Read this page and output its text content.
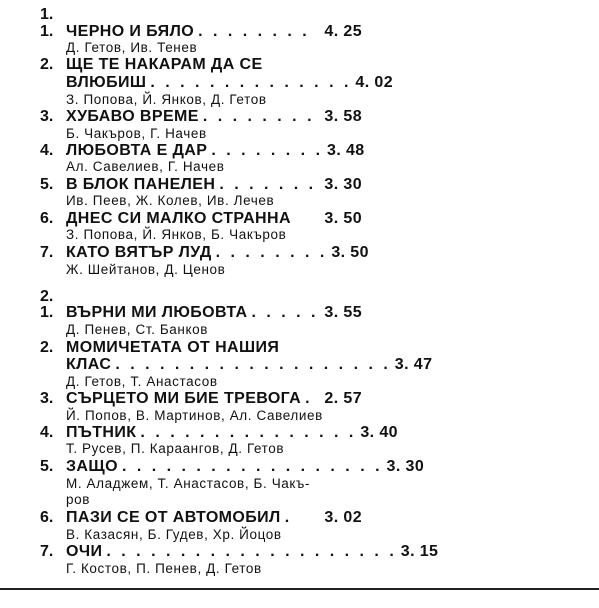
1.
1. ЧЕРНО И БЯЛО . . . . . . . . 4. 25
Д. Гетов, Ив. Тенев
2. ЩЕ ТЕ НАКАРАМ ДА СЕ
ВЛЮБИШ . . . . . . . . . . . . . . 4. 02
З. Попова, Й. Янков, Д. Гетов
3. ХУБАВО ВРЕМЕ . . . . . . . . 3. 58
Б. Чакъров, Г. Начев
4. ЛЮБОВТА Е ДАР . . . . . . . . 3. 48
Ал. Савелиев, Г. Начев
5. В БЛОК ПАНЕЛЕН . . . . . . . 3. 30
Ив. Пеев, Ж. Колев, Ив. Лечев
6. ДНЕС СИ МАЛКО СТРАННА 3. 50
З. Попова, Й. Янков, Б. Чакъров
7. КАТО ВЯТЪР ЛУД . . . . . . . . 3. 50
Ж. Шейтанов, Д. Ценов
2.
1. ВЪРНИ МИ ЛЮБОВТА . . . . . 3. 55
Д. Пенев, Ст. Банков
2. МОМИЧЕТАТА ОТ НАШИЯ
КЛАС . . . . . . . . . . . . . . . . . . . 3. 47
Д. Гетов, Т. Анастасов
3. СЪРЦЕТО МИ БИЕ ТРЕВОГА . 2. 57
Й. Попов, В. Мартинов, Ал. Савелиев
4. ПЪТНИК . . . . . . . . . . . . . . . 3. 40
Т. Русев, П. Караангов, Д. Гетов
5. ЗАЩО . . . . . . . . . . . . . . . . . . 3. 30
М. Аладжем, Т. Анастасов, Б. Чакъ-
ров
6. ПАЗИ СЕ ОТ АВТОМОБИЛ .	3. 02
В. Казасян, Б. Гудев, Хр. Йоцов
7. ОЧИ . . . . . . . . . . . . . . . . . . . . 3. 15
Г. Костов, П. Пенев, Д. Гетов
